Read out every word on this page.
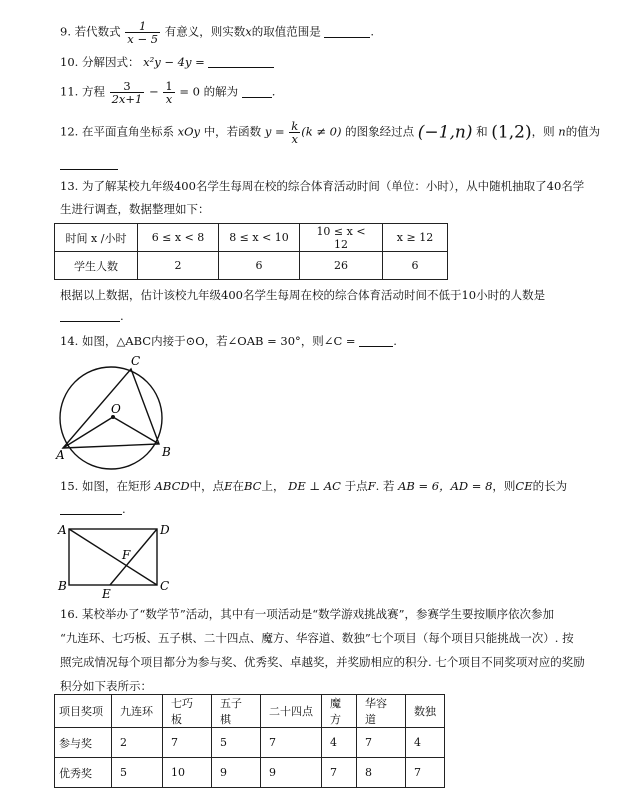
9. 若代数式 $\frac{1}{x - 5}$ 有意义，则实数x的取值范围是	.
10. 分解因式： x²y − 4y =
11. 方程 $\frac{3}{2x+1} - \frac{1}{x} = 0$ 的解为	.
12. 在平面直角坐标系 xOy 中，若函数 $y = \frac{k}{x} (k \ne 0)$ 的图象经过点 (−1,n) 和 (1,2)，则 n的值为
13. 为了解某校九年级400名学生每周在校的综合体育活动时间（单位：小时），从中随机抽取了40名学
生进行调查，数据整理如下：
时间 x /小时	6 ≤ x < 8	8 ≤ x < 10	10 ≤ x < 12	x ≥ 12
学生人数	2	6	26	6
根据以上数据，估计该校九年级400名学生每周在校的综合体育活动时间不低于10小时的人数是
.
14. 如图，△ABC内接于⊙O，若∠OAB = 30°，则∠C =	.
C
O
A	B
15. 如图，在矩形 ABCD中，点E在BC上， DE ⊥ AC 于点F. 若 AB = 6，AD = 8，则CE的长为
.
A	D
F
B
E
C
16. 某校举办了“数学节”活动，其中有一项活动是“数学游戏挑战赛”，参赛学生要按顺序依次参加
“九连环、七巧板、五子棋、二十四点、魔方、华容道、数独”七个项目（每个项目只能挑战一次）. 按
照完成情况每个项目都分为参与奖、优秀奖、卓越奖，并奖励相应的积分. 七个项目不同奖项对应的奖励
积分如下表所示：
项目奖项	九连环	七巧板	五子棋	二十四点	魔方	华容道	数独
参与奖	2	7	5	7	4	7	4
优秀奖	5	10	9	9	7	8	7
